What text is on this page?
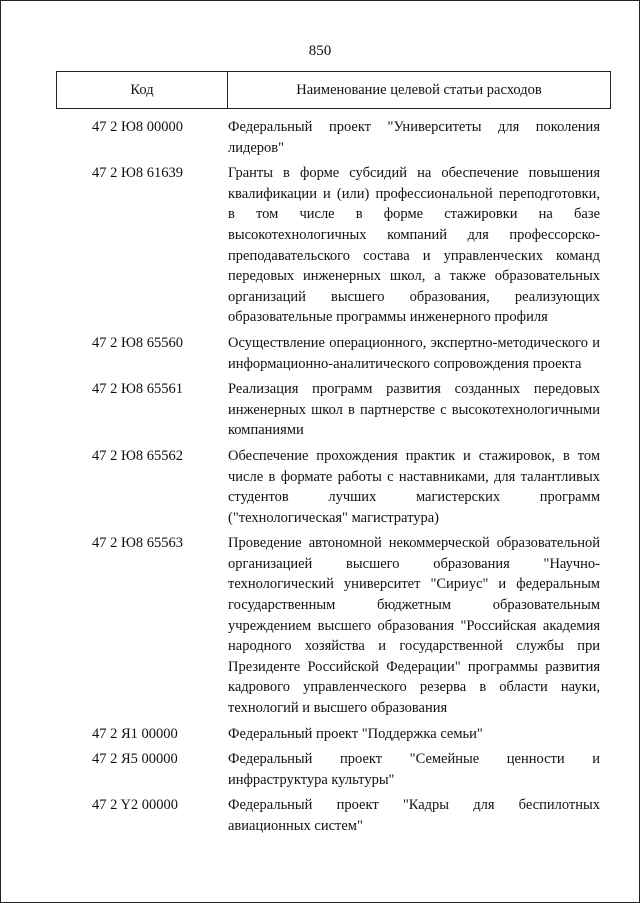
850
Код	Наименование целевой статьи расходов
47 2 Ю8 00000	Федеральный проект "Университеты для поколения лидеров"
47 2 Ю8 61639	Гранты в форме субсидий на обеспечение повышения квалификации и (или) профессиональной переподготовки, в том числе в форме стажировки на базе высокотехнологичных компаний для профессорско-преподавательского состава и управленческих команд передовых инженерных школ, а также образовательных организаций высшего образования, реализующих образовательные программы инженерного профиля
47 2 Ю8 65560	Осуществление операционного, экспертно-методического и информационно-аналитического сопровождения проекта
47 2 Ю8 65561	Реализация программ развития созданных передовых инженерных школ в партнерстве с высокотехнологичными компаниями
47 2 Ю8 65562	Обеспечение прохождения практик и стажировок, в том числе в формате работы с наставниками, для талантливых студентов лучших магистерских программ ("технологическая" магистратура)
47 2 Ю8 65563	Проведение автономной некоммерческой образовательной организацией высшего образования "Научно-технологический университет "Сириус" и федеральным государственным бюджетным образовательным учреждением высшего образования "Российская академия народного хозяйства и государственной службы при Президенте Российской Федерации" программы развития кадрового управленческого резерва в области науки, технологий и высшего образования
47 2 Я1 00000	Федеральный проект "Поддержка семьи"
47 2 Я5 00000	Федеральный проект "Семейные ценности и инфраструктура культуры"
47 2 Y2 00000	Федеральный проект "Кадры для беспилотных авиационных систем"
